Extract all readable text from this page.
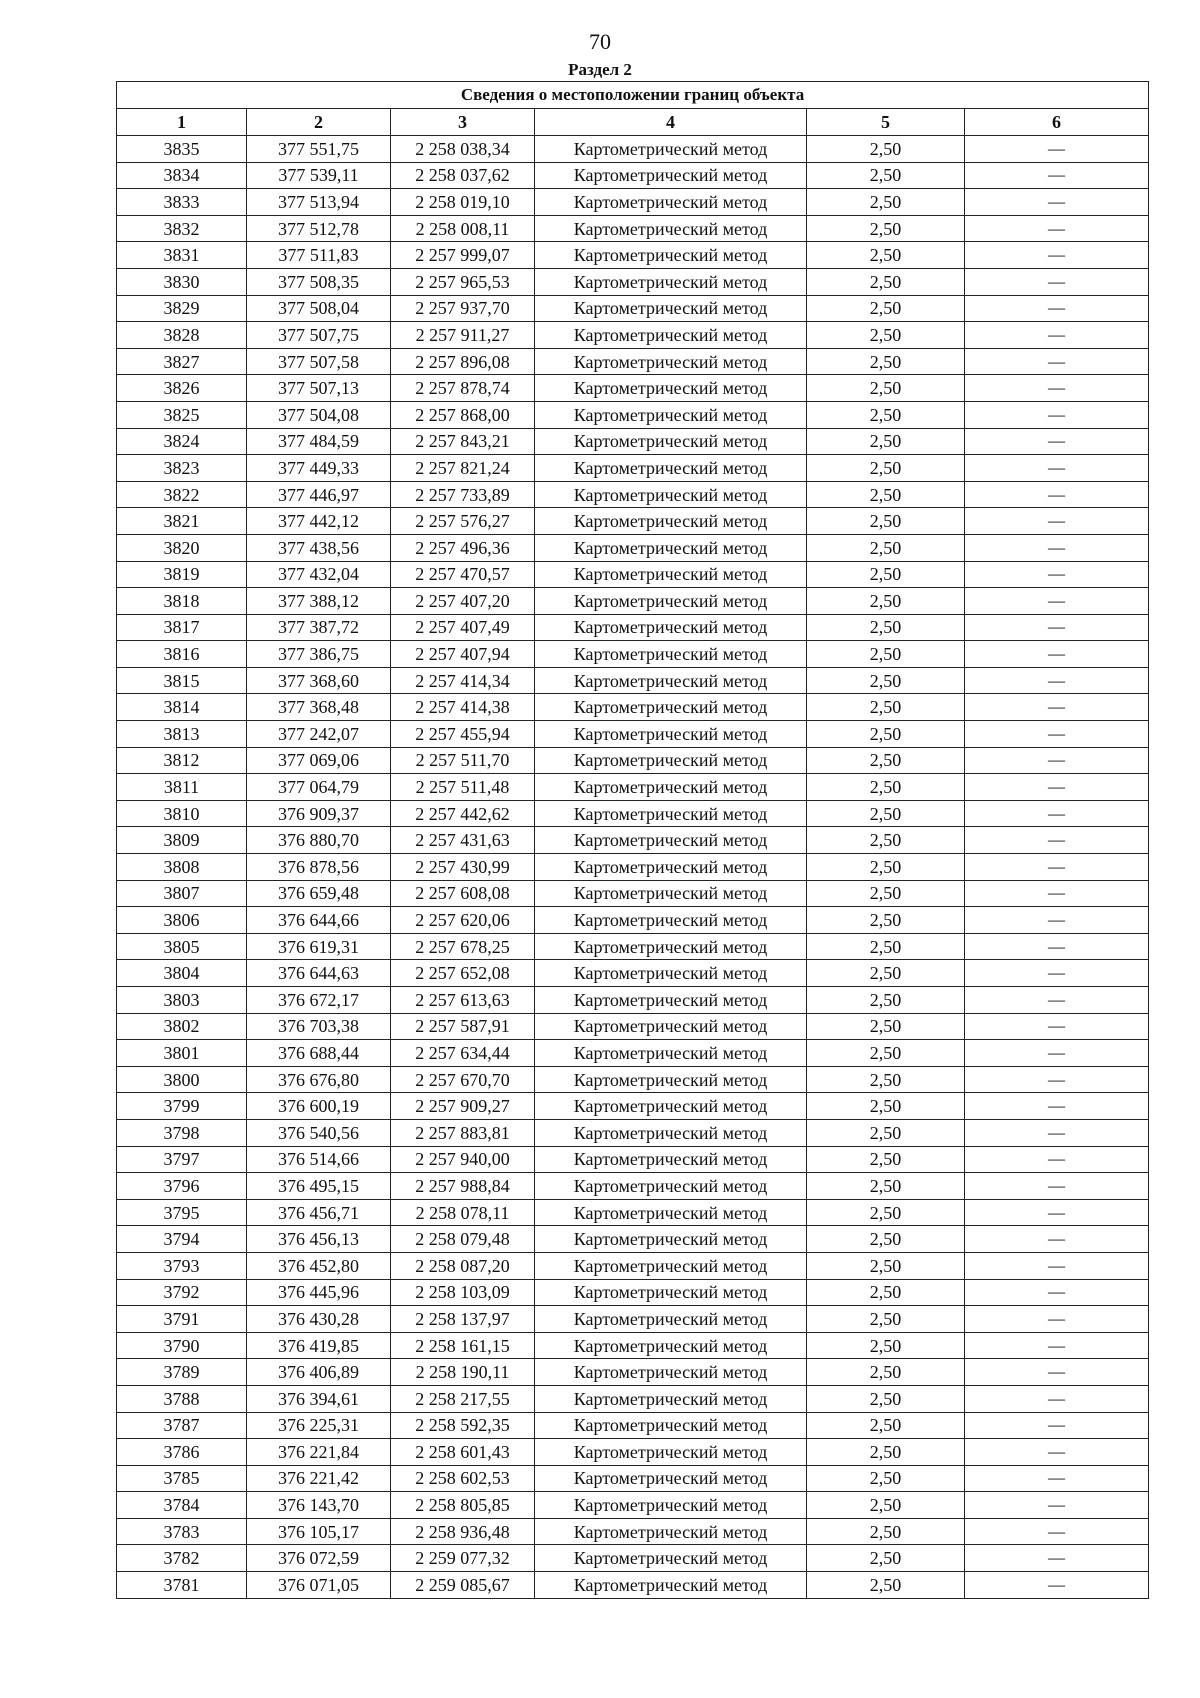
70
Раздел 2
Сведения о местоположении границ объекта					
1	2	3	4	5	6
3835	377 551,75	2 258 038,34	Картометрический метод	2,50	—
3834	377 539,11	2 258 037,62	Картометрический метод	2,50	—
3833	377 513,94	2 258 019,10	Картометрический метод	2,50	—
3832	377 512,78	2 258 008,11	Картометрический метод	2,50	—
3831	377 511,83	2 257 999,07	Картометрический метод	2,50	—
3830	377 508,35	2 257 965,53	Картометрический метод	2,50	—
3829	377 508,04	2 257 937,70	Картометрический метод	2,50	—
3828	377 507,75	2 257 911,27	Картометрический метод	2,50	—
3827	377 507,58	2 257 896,08	Картометрический метод	2,50	—
3826	377 507,13	2 257 878,74	Картометрический метод	2,50	—
3825	377 504,08	2 257 868,00	Картометрический метод	2,50	—
3824	377 484,59	2 257 843,21	Картометрический метод	2,50	—
3823	377 449,33	2 257 821,24	Картометрический метод	2,50	—
3822	377 446,97	2 257 733,89	Картометрический метод	2,50	—
3821	377 442,12	2 257 576,27	Картометрический метод	2,50	—
3820	377 438,56	2 257 496,36	Картометрический метод	2,50	—
3819	377 432,04	2 257 470,57	Картометрический метод	2,50	—
3818	377 388,12	2 257 407,20	Картометрический метод	2,50	—
3817	377 387,72	2 257 407,49	Картометрический метод	2,50	—
3816	377 386,75	2 257 407,94	Картометрический метод	2,50	—
3815	377 368,60	2 257 414,34	Картометрический метод	2,50	—
3814	377 368,48	2 257 414,38	Картометрический метод	2,50	—
3813	377 242,07	2 257 455,94	Картометрический метод	2,50	—
3812	377 069,06	2 257 511,70	Картометрический метод	2,50	—
3811	377 064,79	2 257 511,48	Картометрический метод	2,50	—
3810	376 909,37	2 257 442,62	Картометрический метод	2,50	—
3809	376 880,70	2 257 431,63	Картометрический метод	2,50	—
3808	376 878,56	2 257 430,99	Картометрический метод	2,50	—
3807	376 659,48	2 257 608,08	Картометрический метод	2,50	—
3806	376 644,66	2 257 620,06	Картометрический метод	2,50	—
3805	376 619,31	2 257 678,25	Картометрический метод	2,50	—
3804	376 644,63	2 257 652,08	Картометрический метод	2,50	—
3803	376 672,17	2 257 613,63	Картометрический метод	2,50	—
3802	376 703,38	2 257 587,91	Картометрический метод	2,50	—
3801	376 688,44	2 257 634,44	Картометрический метод	2,50	—
3800	376 676,80	2 257 670,70	Картометрический метод	2,50	—
3799	376 600,19	2 257 909,27	Картометрический метод	2,50	—
3798	376 540,56	2 257 883,81	Картометрический метод	2,50	—
3797	376 514,66	2 257 940,00	Картометрический метод	2,50	—
3796	376 495,15	2 257 988,84	Картометрический метод	2,50	—
3795	376 456,71	2 258 078,11	Картометрический метод	2,50	—
3794	376 456,13	2 258 079,48	Картометрический метод	2,50	—
3793	376 452,80	2 258 087,20	Картометрический метод	2,50	—
3792	376 445,96	2 258 103,09	Картометрический метод	2,50	—
3791	376 430,28	2 258 137,97	Картометрический метод	2,50	—
3790	376 419,85	2 258 161,15	Картометрический метод	2,50	—
3789	376 406,89	2 258 190,11	Картометрический метод	2,50	—
3788	376 394,61	2 258 217,55	Картометрический метод	2,50	—
3787	376 225,31	2 258 592,35	Картометрический метод	2,50	—
3786	376 221,84	2 258 601,43	Картометрический метод	2,50	—
3785	376 221,42	2 258 602,53	Картометрический метод	2,50	—
3784	376 143,70	2 258 805,85	Картометрический метод	2,50	—
3783	376 105,17	2 258 936,48	Картометрический метод	2,50	—
3782	376 072,59	2 259 077,32	Картометрический метод	2,50	—
3781	376 071,05	2 259 085,67	Картометрический метод	2,50	—
